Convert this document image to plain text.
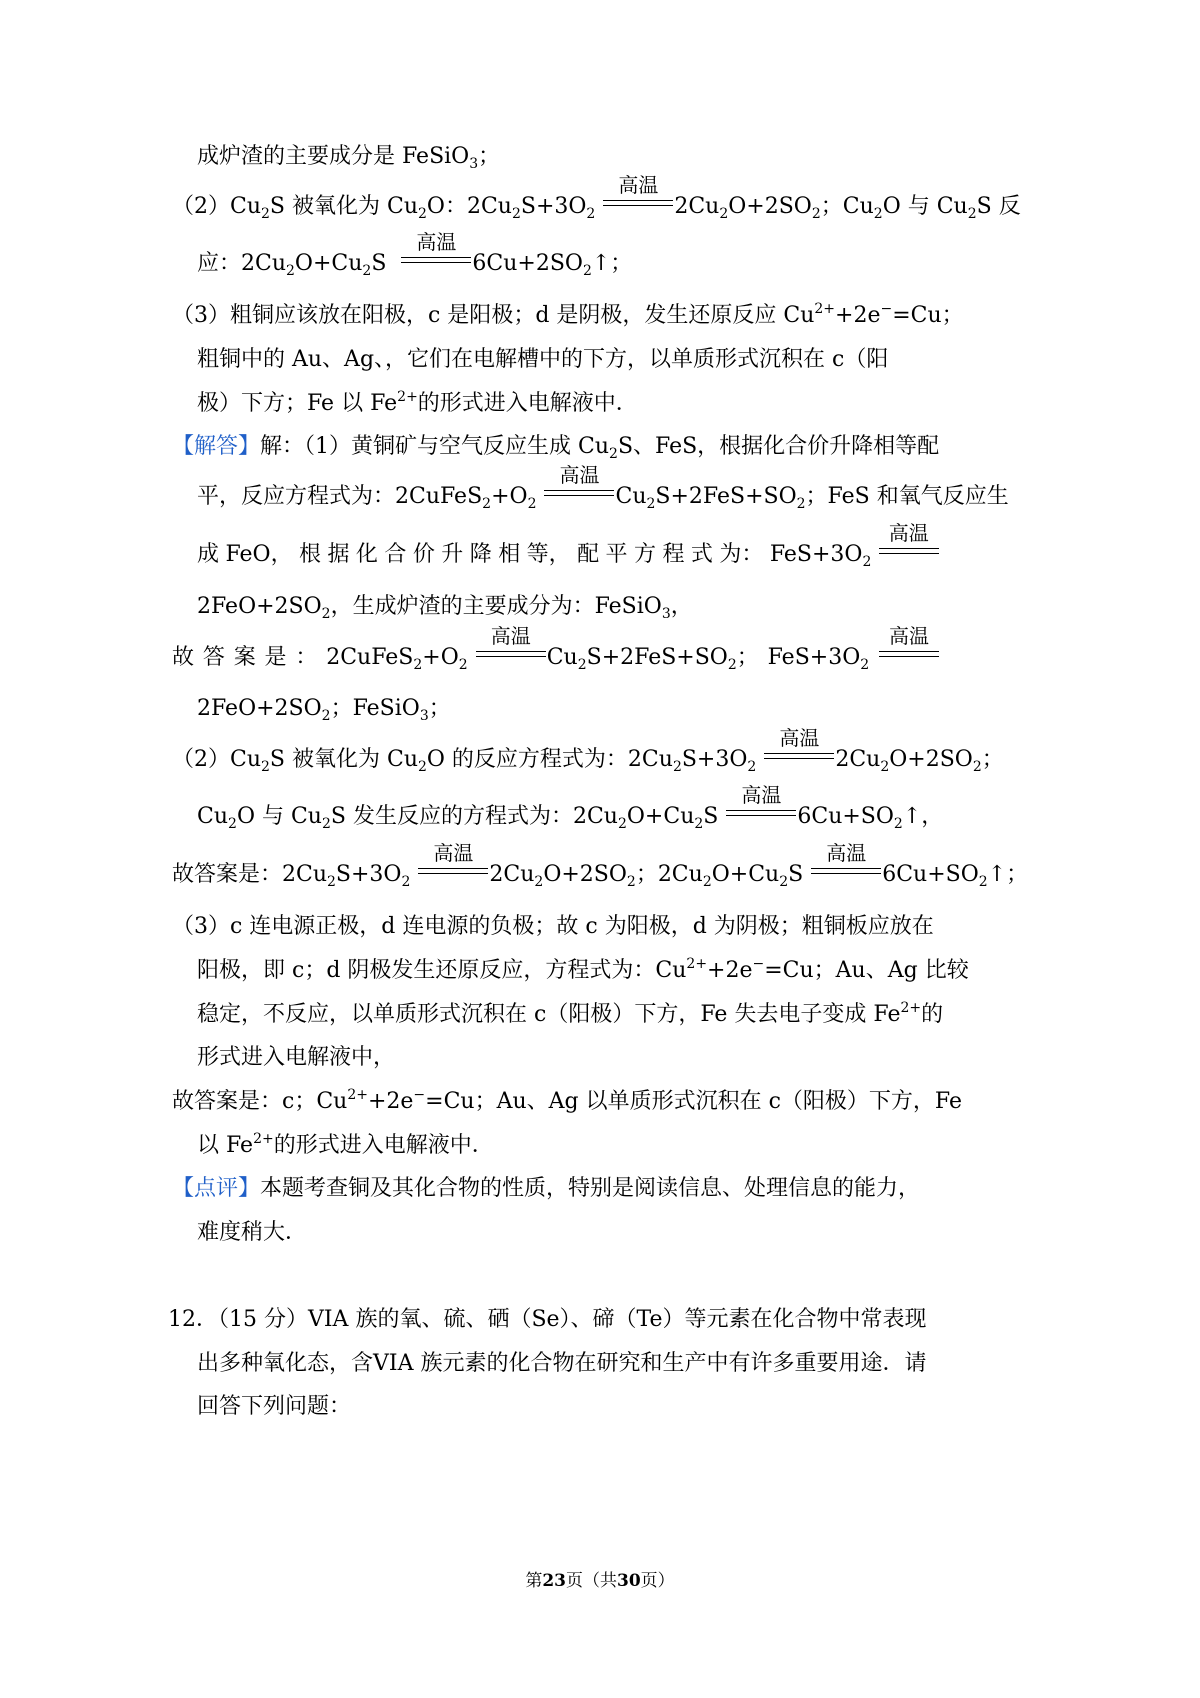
成炉渣的主要成分是 FeSiO$_3$；
$(2)Cu_2S$ 被氧化为 $Cu_2O$：$2Cu_2S+3O_2$
高温
$2Cu_2O+2SO_2$；$Cu_2O$ 与 $Cu_2S$ 反
应：$2Cu_2O+Cu_2S$
高温
$6Cu+2SO_2↑$；
（3）粗铜应该放在阳极，c 是阳极；d 是阴极，发生还原反应 $Cu^{2+}+2e^-=Cu$；
粗铜中的 Au、Ag、，它们在电解槽中的下方，以单质形式沉积在 c（阳
极）下方；Fe 以 $Fe^{2+}$的形式进入电解液中．
【解答】解：（1）黄铜矿与空气反应生成 $Cu_2S$、FeS，根据化合价升降相等配
平，反应方程式为：$2CuFeS_2+O_2$
高温
$Cu_2S+2FeS+SO_2$；FeS 和氧气反应生
成 FeO， 根 据 化 合 价 升 降 相 等， 配 平 方 程 式 为： $FeS+3O_2$
高温
$2FeO+2SO_2$，生成炉渣的主要成分为：FeSiO$_3$，
故 答 案 是 ： $2CuFeS_2+O_2$
高温
$Cu_2S+2FeS+SO_2$； $FeS+3O_2$
高温
$2FeO+2SO_2$；FeSiO$_3$；
$(2)Cu_2S$ 被氧化为 $Cu_2O$ 的反应方程式为：$2Cu_2S+3O_2$
高温
$2Cu_2O+2SO_2$；
$Cu_2O$ 与 $Cu_2S$ 发生反应的方程式为：$2Cu_2O+Cu_2S$
高温
$6Cu+SO_2↑$，
故答案是：$2Cu_2S+3O_2$
高温
$2Cu_2O+2SO_2$；$2Cu_2O+Cu_2S$
高温
$6Cu+SO_2↑$；
（3）c 连电源正极，d 连电源的负极；故 c 为阳极，d 为阴极；粗铜板应放在
阳极，即 c；d 阴极发生还原反应，方程式为：$Cu^{2+}+2e^-=Cu$；Au、Ag 比较
稳定，不反应，以单质形式沉积在 c（阳极）下方，Fe 失去电子变成 $Fe^{2+}$的
形式进入电解液中，
故答案是：c；$Cu^{2+}+2e^-=Cu$；Au、Ag 以单质形式沉积在 c（阳极）下方，Fe
以 $Fe^{2+}$的形式进入电解液中．
【点评】本题考查铜及其化合物的性质，特别是阅读信息、处理信息的能力，
难度稍大．
12．（15 分）VIA 族的氧、硫、硒（Se）、碲（Te）等元素在化合物中常表现
出多种氧化态，含VIA 族元素的化合物在研究和生产中有许多重要用途．请
回答下列问题：
第23页（共30页）
